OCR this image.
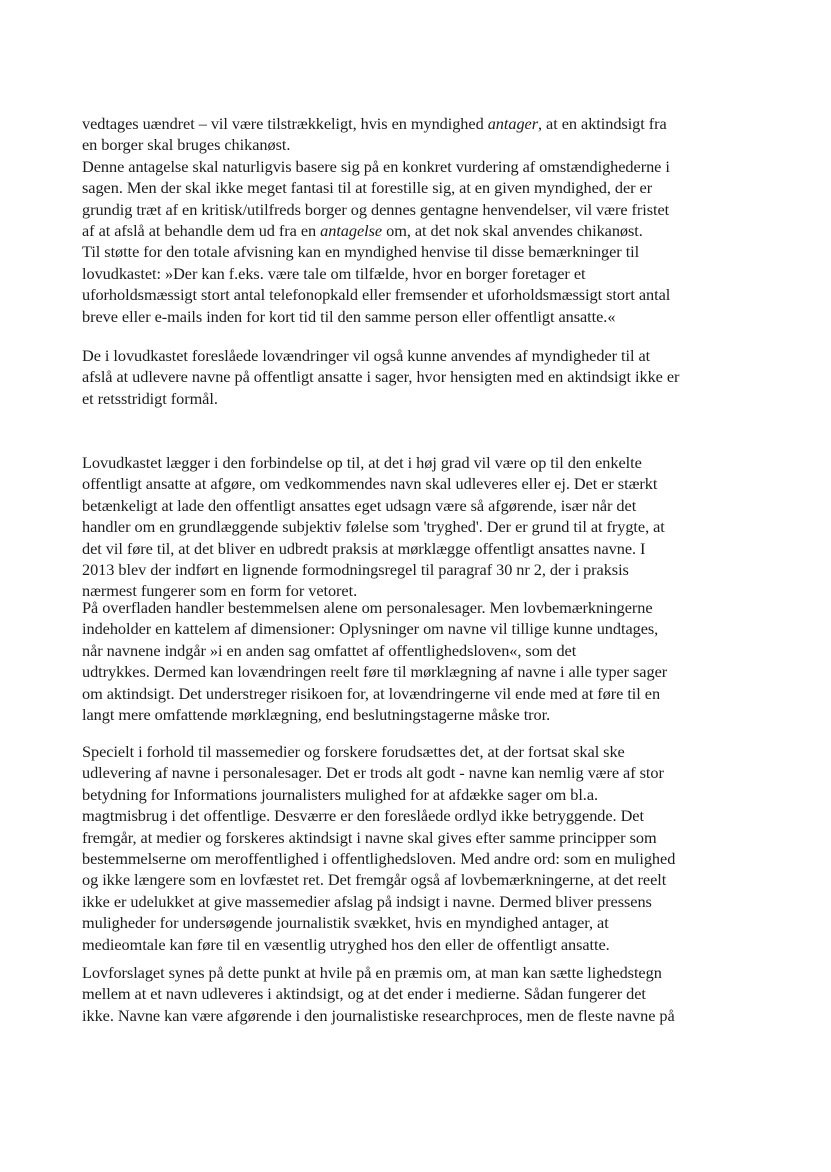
vedtages uændret – vil være tilstrækkeligt, hvis en myndighed antager, at en aktindsigt fra
en borger skal bruges chikanøst.
Denne antagelse skal naturligvis basere sig på en konkret vurdering af omstændighederne i
sagen. Men der skal ikke meget fantasi til at forestille sig, at en given myndighed, der er
grundig træt af en kritisk/utilfreds borger og dennes gentagne henvendelser, vil være fristet
af at afslå at behandle dem ud fra en antagelse om, at det nok skal anvendes chikanøst.
Til støtte for den totale afvisning kan en myndighed henvise til disse bemærkninger til
lovudkastet: »Der kan f.eks. være tale om tilfælde, hvor en borger foretager et
uforholdsmæssigt stort antal telefonopkald eller fremsender et uforholdsmæssigt stort antal
breve eller e-mails inden for kort tid til den samme person eller offentligt ansatte.«
De i lovudkastet foreslåede lovændringer vil også kunne anvendes af myndigheder til at
afslå at udlevere navne på offentligt ansatte i sager, hvor hensigten med en aktindsigt ikke er
et retsstridigt formål.
Lovudkastet lægger i den forbindelse op til, at det i høj grad vil være op til den enkelte
offentligt ansatte at afgøre, om vedkommendes navn skal udleveres eller ej. Det er stærkt
betænkeligt at lade den offentligt ansattes eget udsagn være så afgørende, især når det
handler om en grundlæggende subjektiv følelse som 'tryghed'. Der er grund til at frygte, at
det vil føre til, at det bliver en udbredt praksis at mørklægge offentligt ansattes navne. I
2013 blev der indført en lignende formodningsregel til paragraf 30 nr 2, der i praksis
nærmest fungerer som en form for vetoret.
På overfladen handler bestemmelsen alene om personalesager. Men lovbemærkningerne
indeholder en kattelem af dimensioner: Oplysninger om navne vil tillige kunne undtages,
når navnene indgår »i en anden sag omfattet af offentlighedsloven«, som det
udtrykkes. Dermed kan lovændringen reelt føre til mørklægning af navne i alle typer sager
om aktindsigt. Det understreger risikoen for, at lovændringerne vil ende med at føre til en
langt mere omfattende mørklægning, end beslutningstagerne måske tror.
Specielt i forhold til massemedier og forskere forudsættes det, at der fortsat skal ske
udlevering af navne i personalesager. Det er trods alt godt - navne kan nemlig være af stor
betydning for Informations journalisters mulighed for at afdække sager om bl.a.
magtmisbrug i det offentlige. Desværre er den foreslåede ordlyd ikke betryggende. Det
fremgår, at medier og forskeres aktindsigt i navne skal gives efter samme principper som
bestemmelserne om meroffentlighed i offentlighedsloven. Med andre ord: som en mulighed
og ikke længere som en lovfæstet ret. Det fremgår også af lovbemærkningerne, at det reelt
ikke er udelukket at give massemedier afslag på indsigt i navne. Dermed bliver pressens
muligheder for undersøgende journalistik svækket, hvis en myndighed antager, at
medieomtale kan føre til en væsentlig utryghed hos den eller de offentligt ansatte.
Lovforslaget synes på dette punkt at hvile på en præmis om, at man kan sætte lighedstegn
mellem at et navn udleveres i aktindsigt, og at det ender i medierne. Sådan fungerer det
ikke. Navne kan være afgørende i den journalistiske researchproces, men de fleste navne på
